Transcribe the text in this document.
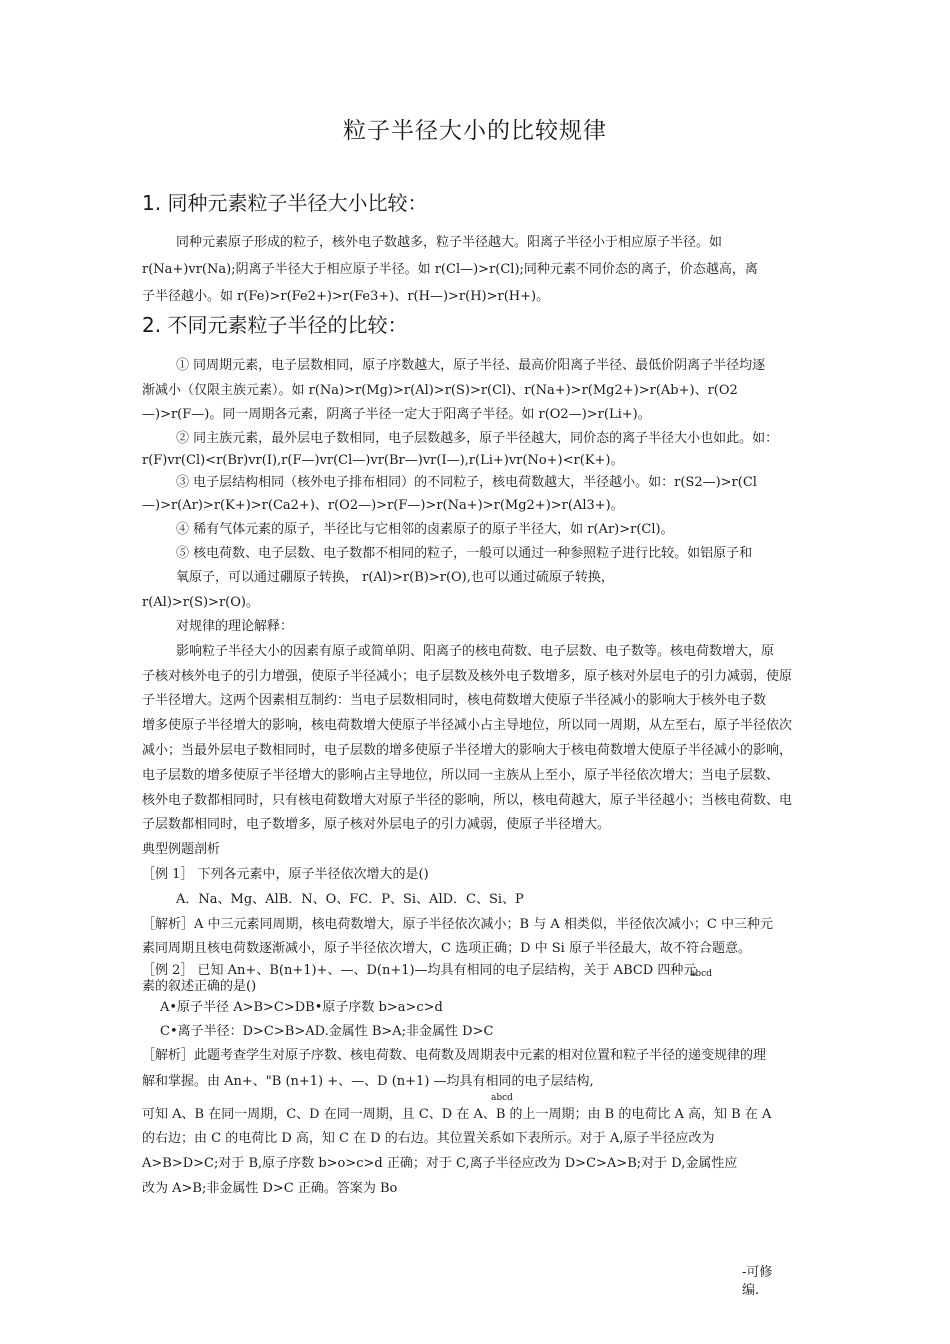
粒子半径大小的比较规律
1. 同种元素粒子半径大小比较：
同种元素原子形成的粒子，核外电子数越多，粒子半径越大。阳离子半径小于相应原子半径。如
r(Na+)vr(Na);阴离子半径大于相应原子半径。如 r(Cl—)>r(Cl);同种元素不同价态的离子，价态越高，离
子半径越小。如 r(Fe)>r(Fe2+)>r(Fe3+)、r(H—)>r(H)>r(H+)。
2. 不同元素粒子半径的比较：
① 同周期元素，电子层数相同，原子序数越大，原子半径、最高价阳离子半径、最低价阴离子半径均逐
渐减小（仅限主族元素）。如 r(Na)>r(Mg)>r(Al)>r(S)>r(Cl)、r(Na+)>r(Mg2+)>r(Ab+)、r(O2
—)>r(F—)。同一周期各元素，阴离子半径一定大于阳离子半径。如 r(O2—)>r(Li+)。
② 同主族元素，最外层电子数相同，电子层数越多，原子半径越大，同价态的离子半径大小也如此。如：
r(F)vr(Cl)<r(Br)vr(I),r(F—)vr(Cl—)vr(Br—)vr(I—),r(Li+)vr(No+)<r(K+)。
③ 电子层结构相同（核外电子排布相同）的不同粒子，核电荷数越大，半径越小。如：r(S2—)>r(Cl
—)>r(Ar)>r(K+)>r(Ca2+)、r(O2—)>r(F—)>r(Na+)>r(Mg2+)>r(Al3+)。
④ 稀有气体元素的原子，半径比与它相邻的卤素原子的原子半径大，如 r(Ar)>r(Cl)。
⑤ 核电荷数、电子层数、电子数都不相同的粒子，一般可以通过一种参照粒子进行比较。如铝原子和
氧原子，可以通过硼原子转换， r(Al)>r(B)>r(O),也可以通过硫原子转换，
r(Al)>r(S)>r(O)。
对规律的理论解释：
影响粒子半径大小的因素有原子或简单阴、阳离子的核电荷数、电子层数、电子数等。核电荷数增大，原
子核对核外电子的引力增强，使原子半径减小；电子层数及核外电子数增多，原子核对外层电子的引力减弱，使原
子半径增大。这两个因素相互制约：当电子层数相同时，核电荷数增大使原子半径减小的影响大于核外电子数
增多使原子半径增大的影响，核电荷数增大使原子半径减小占主导地位，所以同一周期，从左至右，原子半径依次
减小；当最外层电子数相同时，电子层数的增多使原子半径增大的影响大于核电荷数增大使原子半径减小的影响，
电子层数的增多使原子半径增大的影响占主导地位，所以同一主族从上至小，原子半径依次增大；当电子层数、
核外电子数都相同时，只有核电荷数增大对原子半径的影响，所以，核电荷越大，原子半径越小；当核电荷数、电
子层数都相同时，电子数增多，原子核对外层电子的引力减弱，使原子半径增大。
典型例题剖析
［例 1］ 下列各元素中，原子半径依次增大的是()
A．Na、Mg、AlB．N、O、FC．P、Si、AlD．C、Si、P
［解析］A 中三元素同周期，核电荷数增大，原子半径依次减小；B 与 A 相类似，半径依次减小；C 中三种元
素同周期且核电荷数逐渐减小，原子半径依次增大，C 选项正确；D 中 Si 原子半径最大，故不符合题意。
［例 2］ 已知 An+、B(n+1)+、—、D(n+1)—均具有相同的电子层结构，关于 ABCD 四种元
素的叙述正确的是()
A•原子半径 A>B>C>DB•原子序数 b>a>c>d
C•离子半径：D>C>B>AD.金属性 B>A;非金属性 D>C
［解析］此题考查学生对原子序数、核电荷数、电荷数及周期表中元素的相对位置和粒子半径的递变规律的理
解和掌握。由 An+、"B (n+1) +、—、D (n+1) —均具有相同的电子层结构,
abcd
可知 A、B 在同一周期，C、D 在同一周期，且 C、D 在 A、B 的上一周期；由 B 的电荷比 A 高，知 B 在 A
的右边；由 C 的电荷比 D 高，知 C 在 D 的右边。其位置关系如下表所示。对于 A,原子半径应改为
A>B>D>C;对于 B,原子序数 b>o>c>d 正确；对于 C,离子半径应改为 D>C>A>B;对于 D,金属性应
改为 A>B;非金属性 D>C 正确。答案为 Bo
abcd
-可修
编.
